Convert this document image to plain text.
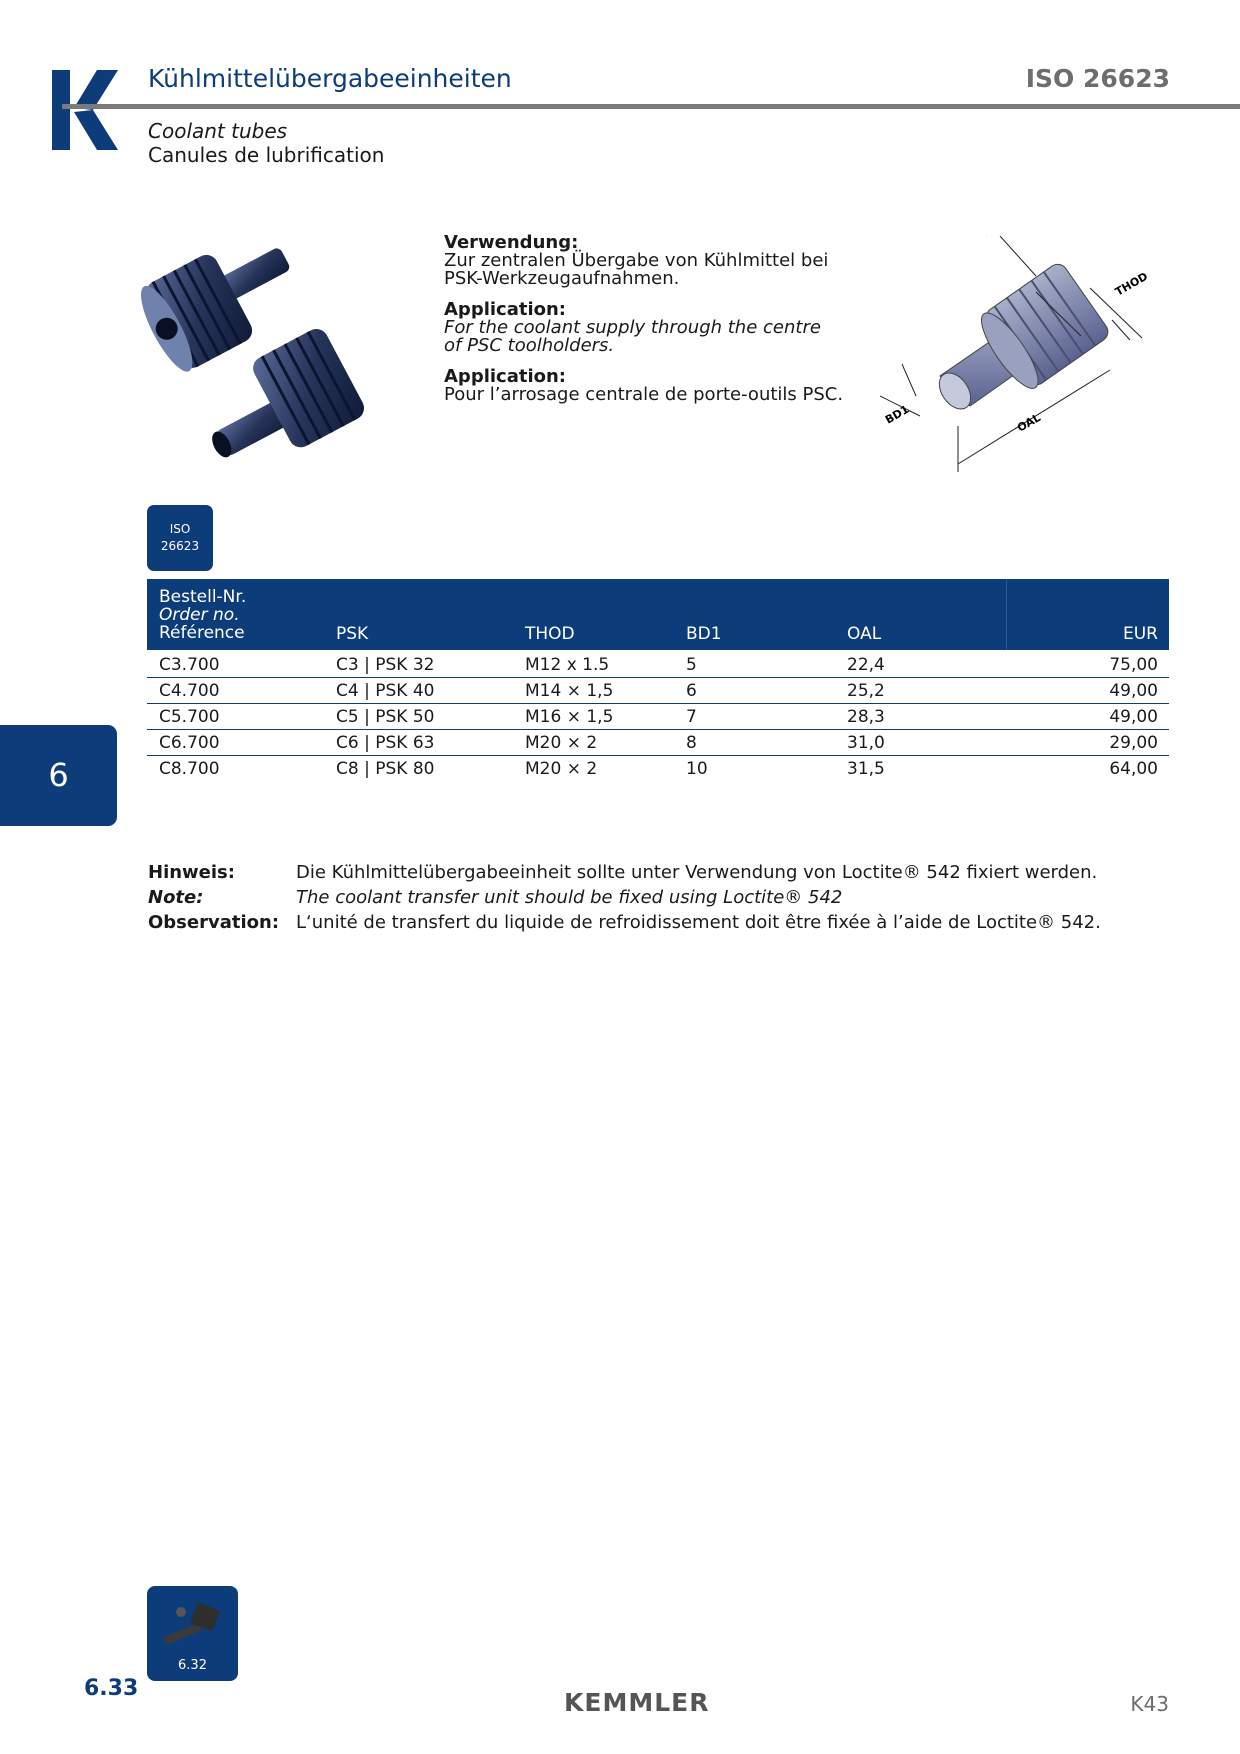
Kühlmittelübergabeeinheiten	ISO 26623
Coolant tubes
Canules de lubrification

Verwendung:

Zur zentralen Übergabe von Kühlmittel bei

PSK-Werkzeugaufnahmen.

Application:

For the coolant supply through the centre

of PSC toolholders.

Application:

Pour l’arrosage centrale de porte-outils PSC.

THOD
BD1	OAL
ISO
26623
Bestell-Nr.
Order no.
Référence	PSK	THOD	BD1	OAL	EUR
C3.700	C3 | PSK 32	M12 x 1.5	5	22,4	75,00
C4.700	C4 | PSK 40	M14 × 1,5	6	25,2	49,00
C5.700	C5 | PSK 50	M16 × 1,5	7	28,3	49,00
C6.700	C6 | PSK 63	M20 × 2	8	31,0	29,00
C8.700	C8 | PSK 80	M20 × 2	10	31,5	64,00
6
Hinweis:	Die Kühlmittelübergabeeinheit sollte unter Verwendung von Loctite® 542 fixiert werden.
Note:	The coolant transfer unit should be fixed using Loctite® 542
Observation: L‘unité de transfert du liquide de refroidissement doit être fixée à l’aide de Loctite® 542.
6.32
6.33	KEMMLER	K43
